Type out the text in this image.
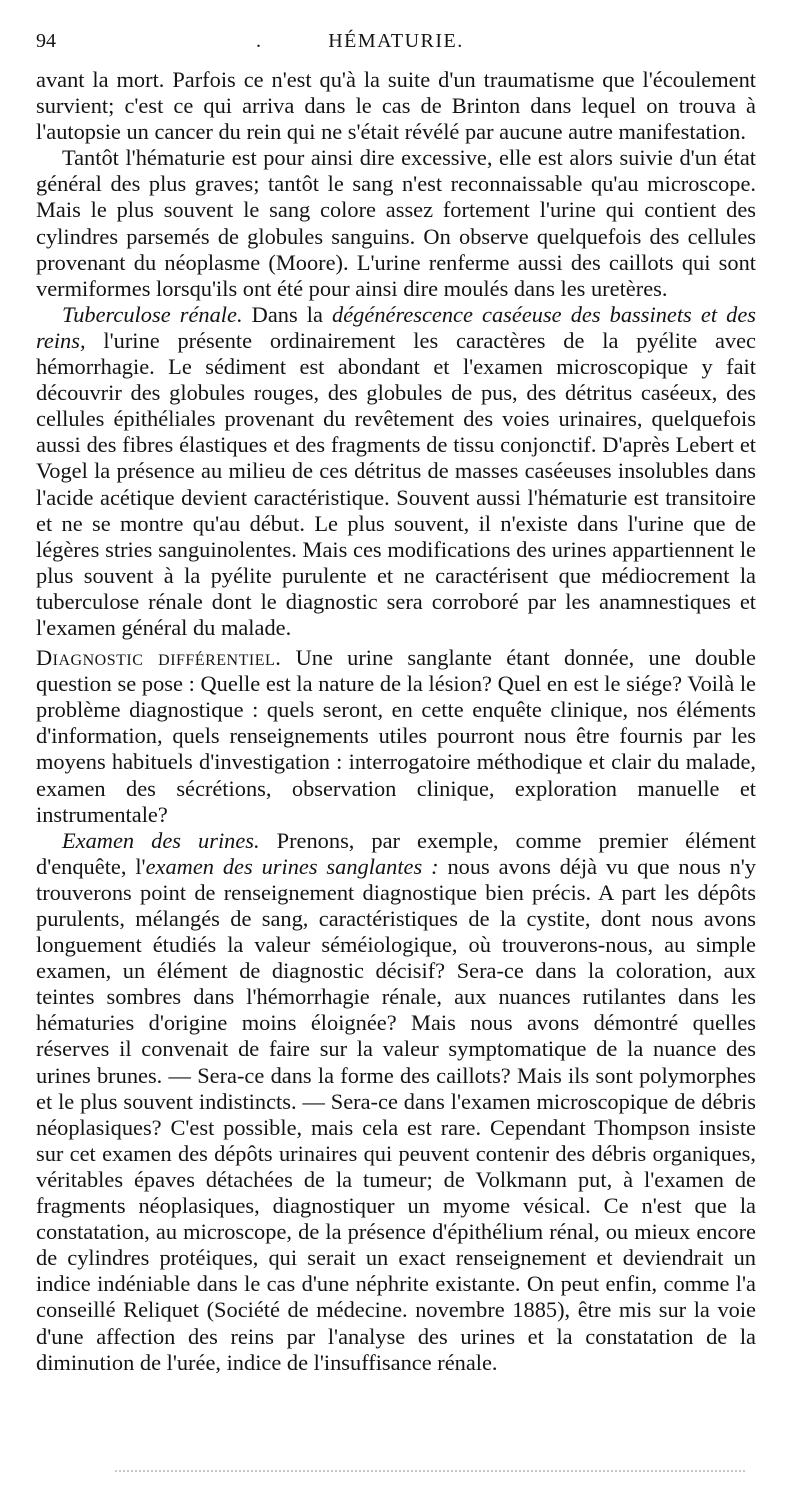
94	.	HÉMATURIE.

avant la mort. Parfois ce n'est qu'à la suite d'un traumatisme que l'écoulement survient; c'est ce qui arriva dans le cas de Brinton dans lequel on trouva à l'autopsie un cancer du rein qui ne s'était révélé par aucune autre manifestation.

Tantôt l'hématurie est pour ainsi dire excessive, elle est alors suivie d'un état général des plus graves; tantôt le sang n'est reconnaissable qu'au microscope. Mais le plus souvent le sang colore assez fortement l'urine qui contient des cylindres parsemés de globules sanguins. On observe quelquefois des cellules provenant du néoplasme (Moore). L'urine renferme aussi des caillots qui sont vermiformes lorsqu'ils ont été pour ainsi dire moulés dans les uretères.

Tuberculose rénale. Dans la dégénérescence caséeuse des bassinets et des reins, l'urine présente ordinairement les caractères de la pyélite avec hémorrhagie. Le sédiment est abondant et l'examen microscopique y fait découvrir des globules rouges, des globules de pus, des détritus caséeux, des cellules épithéliales provenant du revêtement des voies urinaires, quelquefois aussi des fibres élastiques et des fragments de tissu conjonctif. D'après Lebert et Vogel la présence au milieu de ces détritus de masses caséeuses insolubles dans l'acide acétique devient caractéristique. Souvent aussi l'hématurie est transitoire et ne se montre qu'au début. Le plus souvent, il n'existe dans l'urine que de légères stries sanguinolentes. Mais ces modifications des urines appartiennent le plus souvent à la pyélite purulente et ne caractérisent que médiocrement la tuberculose rénale dont le diagnostic sera corroboré par les anamnestiques et l'examen général du malade.

Diagnostic différentiel. Une urine sanglante étant donnée, une double question se pose : Quelle est la nature de la lésion? Quel en est le siége? Voilà le problème diagnostique : quels seront, en cette enquête clinique, nos éléments d'information, quels renseignements utiles pourront nous être fournis par les moyens habituels d'investigation : interrogatoire méthodique et clair du malade, examen des sécrétions, observation clinique, exploration manuelle et instrumentale?

Examen des urines. Prenons, par exemple, comme premier élément d'enquête, l'examen des urines sanglantes : nous avons déjà vu que nous n'y trouverons point de renseignement diagnostique bien précis. A part les dépôts purulents, mélangés de sang, caractéristiques de la cystite, dont nous avons longuement étudiés la valeur séméiologique, où trouverons-nous, au simple examen, un élément de diagnostic décisif? Sera-ce dans la coloration, aux teintes sombres dans l'hémorrhagie rénale, aux nuances rutilantes dans les hématuries d'origine moins éloignée? Mais nous avons démontré quelles réserves il convenait de faire sur la valeur symptomatique de la nuance des urines brunes. — Sera-ce dans la forme des caillots? Mais ils sont polymorphes et le plus souvent indistincts. — Sera-ce dans l'examen microscopique de débris néoplasiques? C'est possible, mais cela est rare. Cependant Thompson insiste sur cet examen des dépôts urinaires qui peuvent contenir des débris organiques, véritables épaves détachées de la tumeur; de Volkmann put, à l'examen de fragments néoplasiques, diagnostiquer un myome vésical. Ce n'est que la constatation, au microscope, de la présence d'épithélium rénal, ou mieux encore de cylindres protéiques, qui serait un exact renseignement et deviendrait un indice indéniable dans le cas d'une néphrite existante. On peut enfin, comme l'a conseillé Reliquet (Société de médecine. novembre 1885), être mis sur la voie d'une affection des reins par l'analyse des urines et la constatation de la diminution de l'urée, indice de l'insuffisance rénale.
